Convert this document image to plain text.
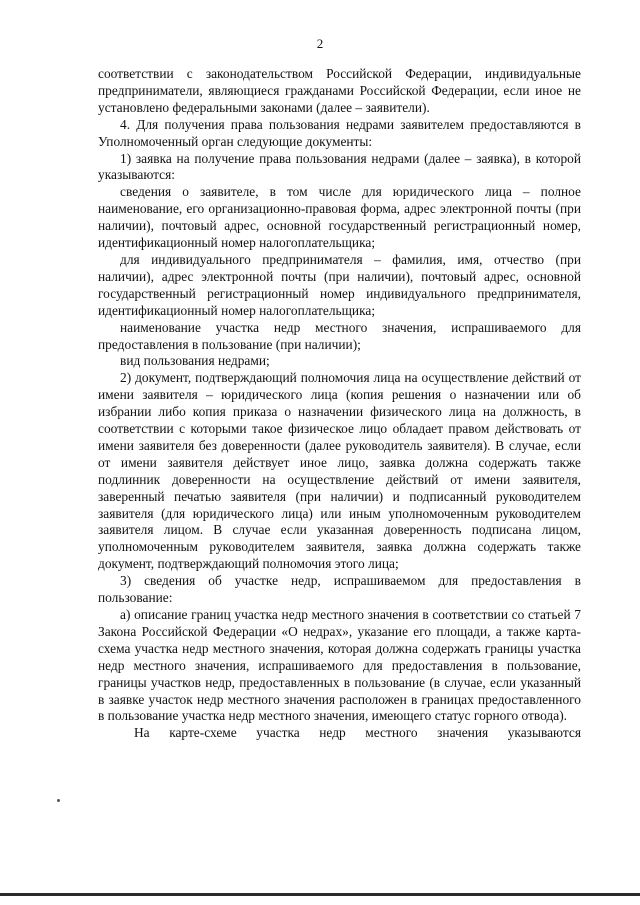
2

соответствии с законодательством Российской Федерации, индивидуальные предприниматели, являющиеся гражданами Российской Федерации, если иное не установлено федеральными законами (далее – заявители).

4. Для получения права пользования недрами заявителем предоставляются в Уполномоченный орган следующие документы:

1) заявка на получение права пользования недрами (далее – заявка), в которой указываются:

сведения о заявителе, в том числе для юридического лица – полное наименование, его организационно-правовая форма, адрес электронной почты (при наличии), почтовый адрес, основной государственный регистрационный номер, идентификационный номер налогоплательщика;

для индивидуального предпринимателя – фамилия, имя, отчество (при наличии), адрес электронной почты (при наличии), почтовый адрес, основной государственный регистрационный номер индивидуального предпринимателя, идентификационный номер налогоплательщика;

наименование участка недр местного значения, испрашиваемого для предоставления в пользование (при наличии);

вид пользования недрами;

2) документ, подтверждающий полномочия лица на осуществление действий от имени заявителя – юридического лица (копия решения о назначении или об избрании либо копия приказа о назначении физического лица на должность, в соответствии с которыми такое физическое лицо обладает правом действовать от имени заявителя без доверенности (далее руководитель заявителя). В случае, если от имени заявителя действует иное лицо, заявка должна содержать также подлинник доверенности на осуществление действий от имени заявителя, заверенный печатью заявителя (при наличии) и подписанный руководителем заявителя (для юридического лица) или иным уполномоченным руководителем заявителя лицом. В случае если указанная доверенность подписана лицом, уполномоченным руководителем заявителя, заявка должна содержать также документ, подтверждающий полномочия этого лица;

3) сведения об участке недр, испрашиваемом для предоставления в пользование:

а) описание границ участка недр местного значения в соответствии со статьей 7 Закона Российской Федерации «О недрах», указание его площади, а также карта-схема участка недр местного значения, которая должна содержать границы участка недр местного значения, испрашиваемого для предоставления в пользование, границы участков недр, предоставленных в пользование (в случае, если указанный в заявке участок недр местного значения расположен в границах предоставленного в пользование участка недр местного значения, имеющего статус горного отвода).

На карте-схеме участка недр местного значения указываются
